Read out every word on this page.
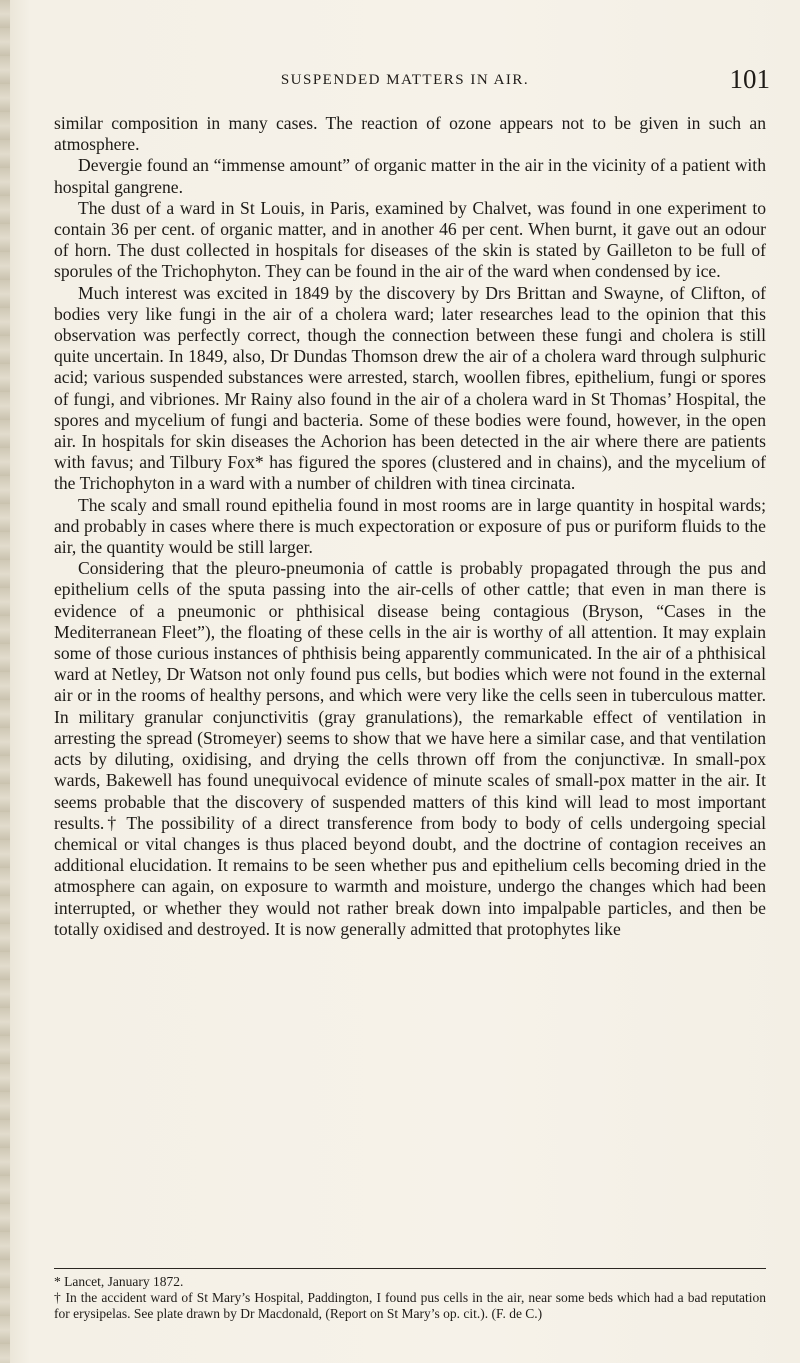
SUSPENDED MATTERS IN AIR.	101

similar composition in many cases. The reaction of ozone appears not to be given in such an atmosphere.

Devergie found an “immense amount” of organic matter in the air in the vicinity of a patient with hospital gangrene.

The dust of a ward in St Louis, in Paris, examined by Chalvet, was found in one experiment to contain 36 per cent. of organic matter, and in another 46 per cent. When burnt, it gave out an odour of horn. The dust collected in hospitals for diseases of the skin is stated by Gailleton to be full of sporules of the Trichophyton. They can be found in the air of the ward when condensed by ice.

Much interest was excited in 1849 by the discovery by Drs Brittan and Swayne, of Clifton, of bodies very like fungi in the air of a cholera ward; later researches lead to the opinion that this observation was perfectly correct, though the connection between these fungi and cholera is still quite uncertain. In 1849, also, Dr Dundas Thomson drew the air of a cholera ward through sulphuric acid; various suspended substances were arrested, starch, woollen fibres, epithelium, fungi or spores of fungi, and vibriones. Mr Rainy also found in the air of a cholera ward in St Thomas’ Hospital, the spores and mycelium of fungi and bacteria. Some of these bodies were found, however, in the open air. In hospitals for skin diseases the Achorion has been detected in the air where there are patients with favus; and Tilbury Fox* has figured the spores (clustered and in chains), and the mycelium of the Trichophyton in a ward with a number of children with tinea circinata.

The scaly and small round epithelia found in most rooms are in large quantity in hospital wards; and probably in cases where there is much expectoration or exposure of pus or puriform fluids to the air, the quantity would be still larger.

Considering that the pleuro-pneumonia of cattle is probably propagated through the pus and epithelium cells of the sputa passing into the air-cells of other cattle; that even in man there is evidence of a pneumonic or phthisical disease being contagious (Bryson, “Cases in the Mediterranean Fleet”), the floating of these cells in the air is worthy of all attention. It may explain some of those curious instances of phthisis being apparently communicated. In the air of a phthisical ward at Netley, Dr Watson not only found pus cells, but bodies which were not found in the external air or in the rooms of healthy persons, and which were very like the cells seen in tuberculous matter. In military granular conjunctivitis (gray granulations), the remarkable effect of ventilation in arresting the spread (Stromeyer) seems to show that we have here a similar case, and that ventilation acts by diluting, oxidising, and drying the cells thrown off from the conjunctivæ. In small-pox wards, Bakewell has found unequivocal evidence of minute scales of small-pox matter in the air. It seems probable that the discovery of suspended matters of this kind will lead to most important results.† The possibility of a direct transference from body to body of cells undergoing special chemical or vital changes is thus placed beyond doubt, and the doctrine of contagion receives an additional elucidation. It remains to be seen whether pus and epithelium cells becoming dried in the atmosphere can again, on exposure to warmth and moisture, undergo the changes which had been interrupted, or whether they would not rather break down into impalpable particles, and then be totally oxidised and destroyed. It is now generally admitted that protophytes like

* Lancet, January 1872.

† In the accident ward of St Mary’s Hospital, Paddington, I found pus cells in the air, near some beds which had a bad reputation for erysipelas. See plate drawn by Dr Macdonald, (Report on St Mary’s op. cit.). (F. de C.)
